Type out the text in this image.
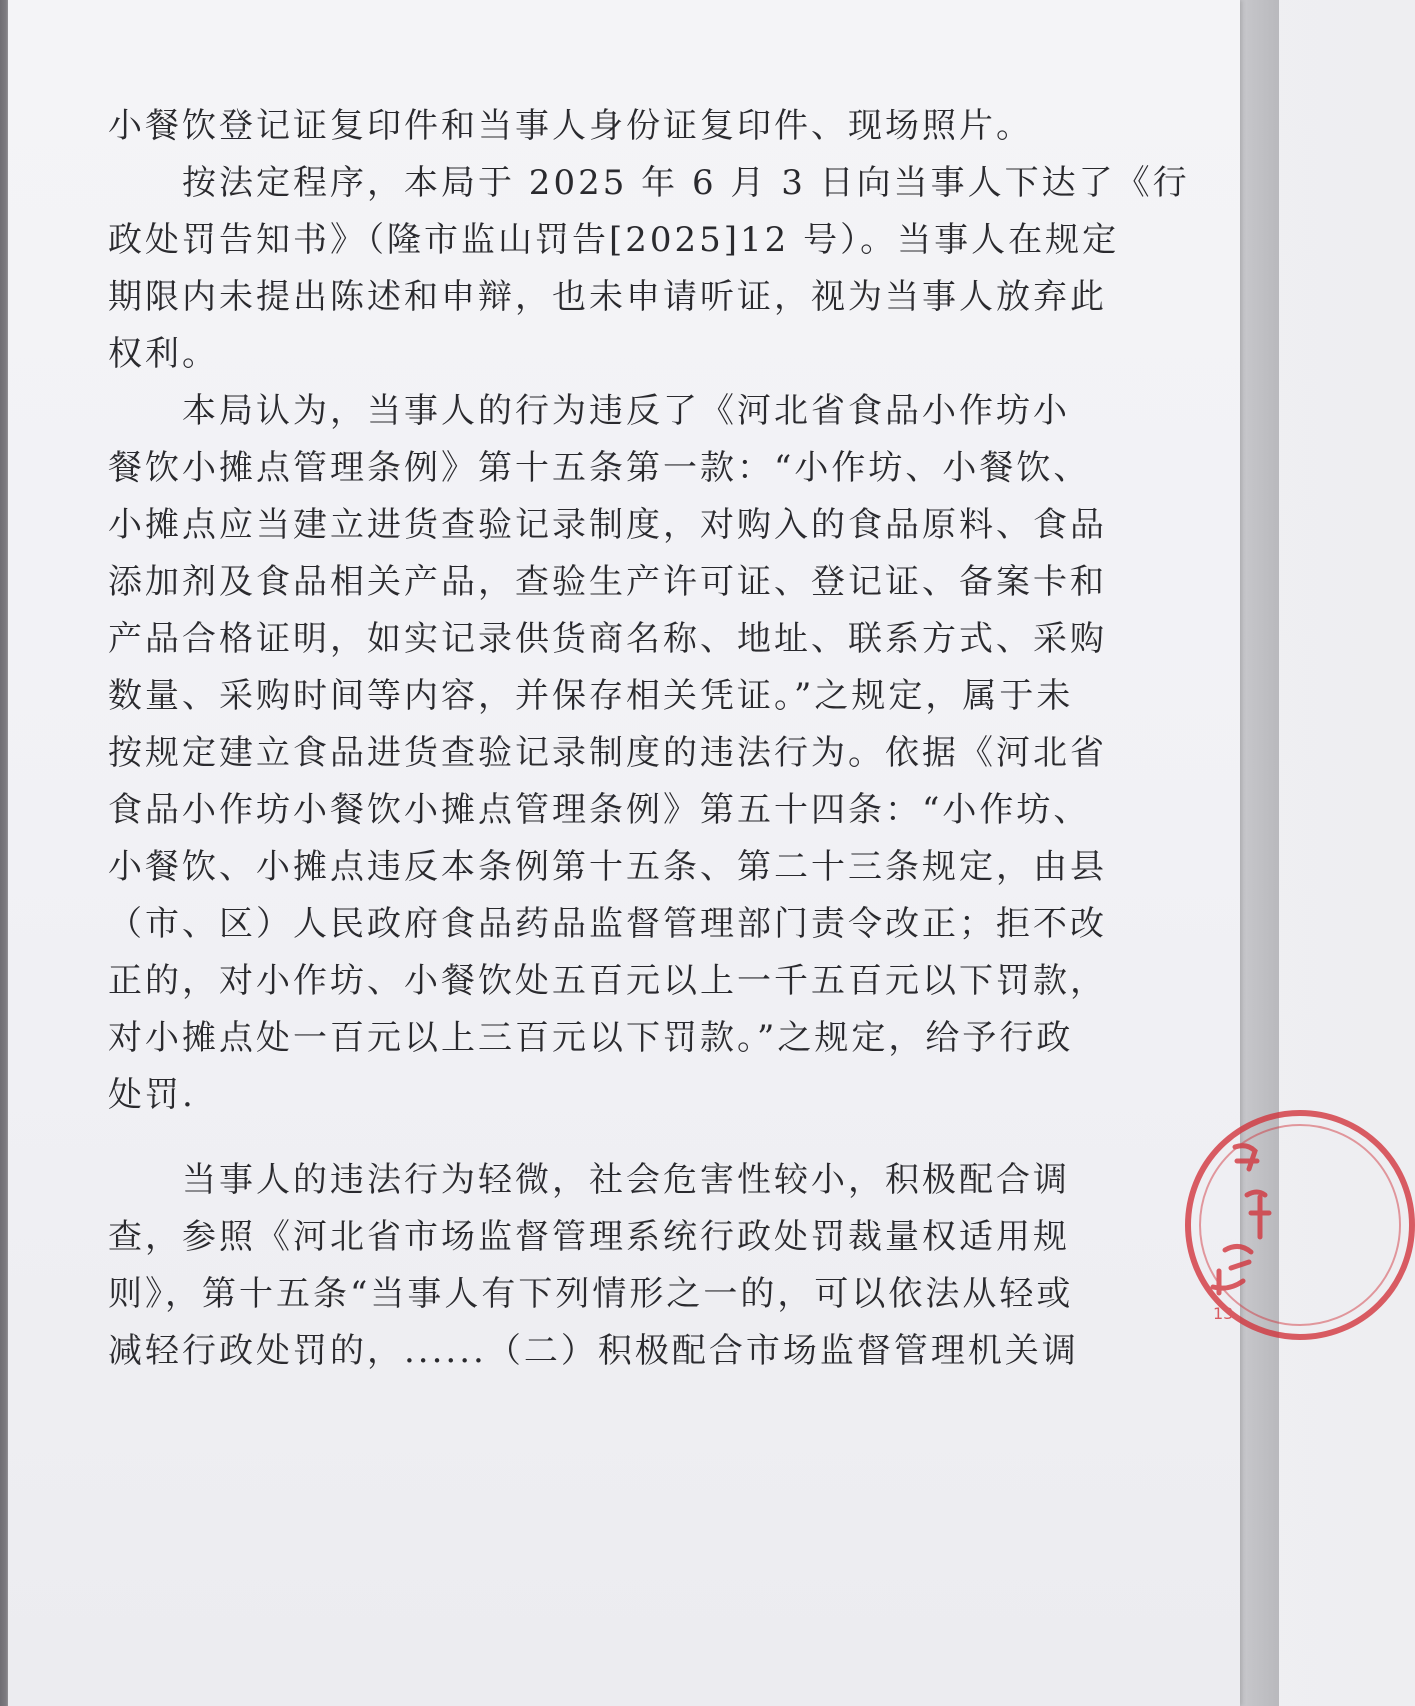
小餐饮登记证复印件和当事人身份证复印件、现场照片。
　　按法定程序，本局于 2025 年 6 月 3 日向当事人下达了《行
政处罚告知书》（隆市监山罚告[2025]12 号）。当事人在规定
期限内未提出陈述和申辩，也未申请听证，视为当事人放弃此
权利。
　　本局认为，当事人的行为违反了《河北省食品小作坊小
餐饮小摊点管理条例》第十五条第一款：“小作坊、小餐饮、
小摊点应当建立进货查验记录制度，对购入的食品原料、食品
添加剂及食品相关产品，查验生产许可证、登记证、备案卡和
产品合格证明，如实记录供货商名称、地址、联系方式、采购
数量、采购时间等内容，并保存相关凭证。”之规定，属于未
按规定建立食品进货查验记录制度的违法行为。依据《河北省
食品小作坊小餐饮小摊点管理条例》第五十四条：“小作坊、
小餐饮、小摊点违反本条例第十五条、第二十三条规定，由县
（市、区）人民政府食品药品监督管理部门责令改正；拒不改
正的，对小作坊、小餐饮处五百元以上一千五百元以下罚款，
对小摊点处一百元以上三百元以下罚款。”之规定，给予行政
处罚.
　　当事人的违法行为轻微，社会危害性较小，积极配合调
查，参照《河北省市场监督管理系统行政处罚裁量权适用规
则》，第十五条“当事人有下列情形之一的，可以依法从轻或
减轻行政处罚的，......（二）积极配合市场监督管理机关调
13
